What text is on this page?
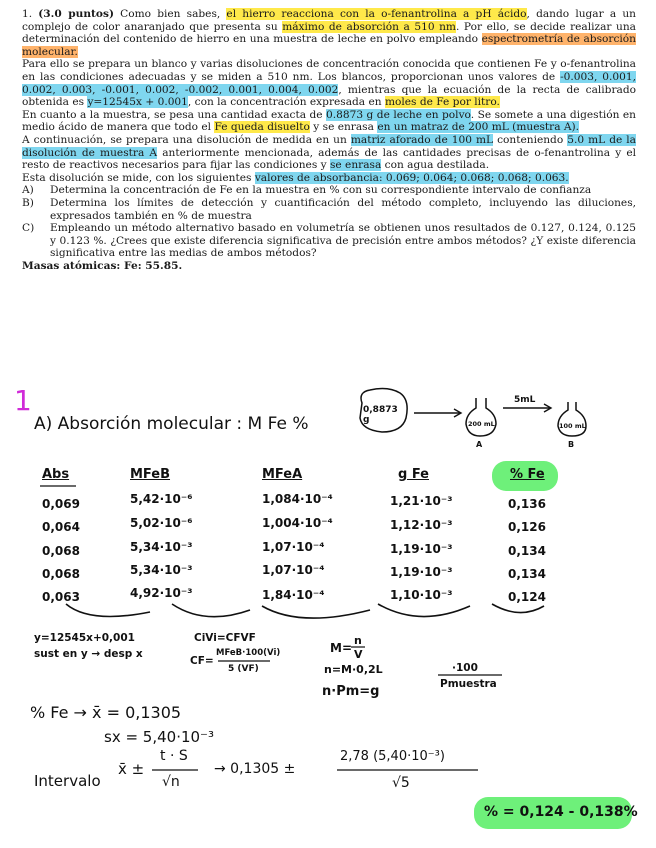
1. (3.0 puntos) Como bien sabes, el hierro reacciona con la o-fenantrolina a pH ácido, dando lugar a un complejo de color anaranjado que presenta su máximo de absorción a 510 nm. Por ello, se decide realizar una determinación del contenido de hierro en una muestra de leche en polvo empleando espectrometría de absorción molecular.

Para ello se prepara un blanco y varias disoluciones de concentración conocida que contienen Fe y o-fenantrolina en las condiciones adecuadas y se miden a 510 nm. Los blancos, proporcionan unos valores de -0.003, 0.001, 0.002, 0.003, -0.001, 0.002, -0.002, 0.001, 0.004, 0.002, mientras que la ecuación de la recta de calibrado obtenida es y=12545x + 0.001, con la concentración expresada en moles de Fe por litro.

En cuanto a la muestra, se pesa una cantidad exacta de 0.8873 g de leche en polvo. Se somete a una digestión en medio ácido de manera que todo el Fe queda disuelto y se enrasa en un matraz de 200 mL (muestra A).

A continuación, se prepara una disolución de medida en un matriz aforado de 100 mL conteniendo 5.0 mL de la disolución de muestra A anteriormente mencionada, además de las cantidades precisas de o-fenantrolina y el resto de reactivos necesarios para fijar las condiciones y se enrasa con agua destilada.

Esta disolución se mide, con los siguientes valores de absorbancia: 0.069; 0.064; 0.068; 0.068; 0.063.

A) Determina la concentración de Fe en la muestra en % con su correspondiente intervalo de confianza
B) Determina los límites de detección y cuantificación del método completo, incluyendo las diluciones, expresados también en % de muestra
C) Empleando un método alternativo basado en volumetría se obtienen unos resultados de 0.127, 0.124, 0.125 y 0.123 %. ¿Crees que existe diferencia significativa de precisión entre ambos métodos? ¿Y existe diferencia significativa entre las medias de ambos métodos?

Masas atómicas: Fe: 55.85.

1
A) Absorción molecular : M Fe %
0,8873 g	200 mL
A
5mL
100 mL
B
Abs	MFeB	MFeA	g Fe	% Fe
0,069	5,42·10⁻⁶	1,084·10⁻⁴	1,21·10⁻³	0,136
0,064	5,02·10⁻⁶	1,004·10⁻⁴	1,12·10⁻³	0,126
0,068	5,34·10⁻³	1,07·10⁻⁴	1,19·10⁻³	0,134
0,068	5,34·10⁻³	1,07·10⁻⁴	1,19·10⁻³	0,134
0,063	4,92·10⁻³	1,84·10⁻⁴	1,10·10⁻³	0,124
y=12545x+0,001
sust en y → desp x
CiVi=CFVF
CF=
MFeB·100(Vi)
5 (VF)
M=
n
V
n=M·0,2L
n·Pm=g
·100
Pmuestra
% Fe → x̄ = 0,1305
sx = 5,40·10⁻³
Intervalo
x̄ ±
t · S
√n
→ 0,1305 ±
2,78 (5,40·10⁻³)
√5
% = 0,124 - 0,138%
